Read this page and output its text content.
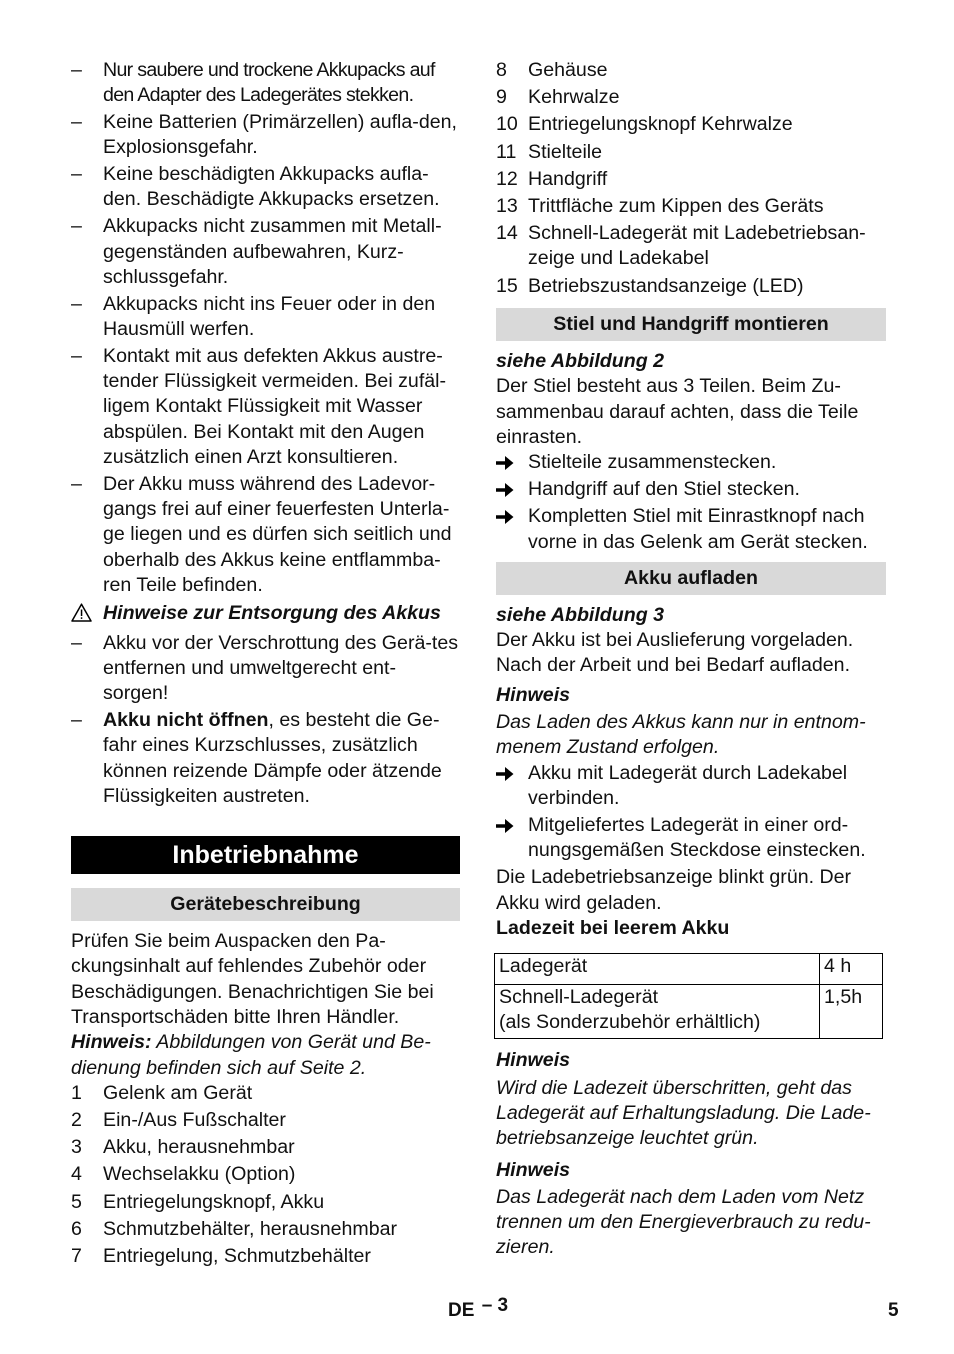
– Nur saubere und trockene Akkupacks auf den Adapter des Ladegerätes stekken.
– Keine Batterien (Primärzellen) aufla-den, Explosionsgefahr.
– Keine beschädigten Akkupacks aufla-den. Beschädigte Akkupacks ersetzen.
– Akkupacks nicht zusammen mit Metall-gegenständen aufbewahren, Kurz-schlussgefahr.
– Akkupacks nicht ins Feuer oder in den Hausmüll werfen.
– Kontakt mit aus defekten Akkus austre-tender Flüssigkeit vermeiden. Bei zufäl-ligem Kontakt Flüssigkeit mit Wasser abspülen. Bei Kontakt mit den Augen zusätzlich einen Arzt konsultieren.
– Der Akku muss während des Ladevor-gangs frei auf einer feuerfesten Unterla-ge liegen und es dürfen sich seitlich und oberhalb des Akkus keine entflammba-ren Teile befinden.
Hinweise zur Entsorgung des Akkus
– Akku vor der Verschrottung des Gerä-tes entfernen und umweltgerecht ent-sorgen!
– Akku nicht öffnen, es besteht die Ge-fahr eines Kurzschlusses, zusätzlich können reizende Dämpfe oder ätzende Flüssigkeiten austreten.
Inbetriebnahme
Gerätebeschreibung

Prüfen Sie beim Auspacken den Pa-ckungsinhalt auf fehlendes Zubehör oder Beschädigungen. Benachrichtigen Sie bei Transportschäden bitte Ihren Händler.

Hinweis: Abbildungen von Gerät und Be-dienung befinden sich auf Seite 2.

1 Gelenk am Gerät
2 Ein-/Aus Fußschalter
3 Akku, herausnehmbar
4 Wechselakku (Option)
5 Entriegelungsknopf, Akku
6 Schmutzbehälter, herausnehmbar
7 Entriegelung, Schmutzbehälter
8 Gehäuse
9 Kehrwalze
10 Entriegelungsknopf Kehrwalze
11 Stielteile
12 Handgriff
13 Trittfläche zum Kippen des Geräts
14 Schnell-Ladegerät mit Ladebetriebsan-zeige und Ladekabel
15 Betriebszustandsanzeige (LED)
Stiel und Handgriff montieren

siehe Abbildung 2

Der Stiel besteht aus 3 Teilen. Beim Zu-sammenbau darauf achten, dass die Teile einrasten.

Stielteile zusammenstecken.
Handgriff auf den Stiel stecken.
Kompletten Stiel mit Einrastknopf nach vorne in das Gelenk am Gerät stecken.
Akku aufladen

siehe Abbildung 3

Der Akku ist bei Auslieferung vorgeladen. Nach der Arbeit und bei Bedarf aufladen.

Hinweis

Das Laden des Akkus kann nur in entnom-menem Zustand erfolgen.

Akku mit Ladegerät durch Ladekabel verbinden.
Mitgeliefertes Ladegerät in einer ord-nungsgemäßen Steckdose einstecken.

Die Ladebetriebsanzeige blinkt grün. Der Akku wird geladen.

Ladezeit bei leerem Akku

Ladegerät	4 h
Schnell-Ladegerät
(als Sonderzubehör erhältlich)	1,5h

Hinweis

Wird die Ladezeit überschritten, geht das Ladegerät auf Erhaltungsladung. Die Lade-betriebsanzeige leuchtet grün.

Hinweis

Das Ladegerät nach dem Laden vom Netz trennen um den Energieverbrauch zu redu-zieren.

DE – 3	5
